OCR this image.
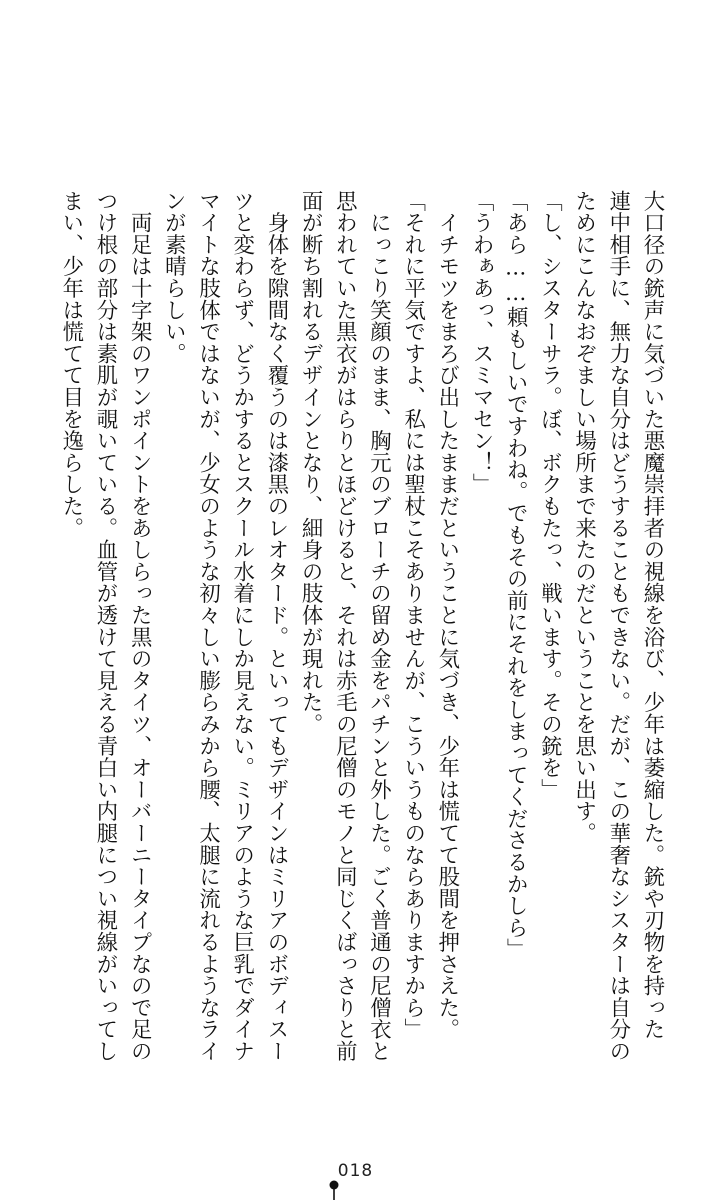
大口径の銃声に気づいた悪魔崇拝者の視線を浴び、少年は萎縮した。銃や刃物を持った
連中相手に、無力な自分はどうすることもできない。だが、この華奢なシスターは自分の
ためにこんなおぞましい場所まで来たのだということを思い出す。
「し、シスターサラ。ぼ、ボクもたっ、戦います。その銃を」
「あら……頼もしいですわね。でもその前にそれをしまってくださるかしら」
「うわぁあっ、スミマセン！」
　イチモツをまろび出したままだということに気づき、少年は慌てて股間を押さえた。
「それに平気ですよ、私には聖杖こそありませんが、こういうものならありますから」
　にっこり笑顔のまま、胸元のブローチの留め金をパチンと外した。ごく普通の尼僧衣と
思われていた黒衣がはらりとほどけると、それは赤毛の尼僧のモノと同じくばっさりと前
面が断ち割れるデザインとなり、細身の肢体が現れた。
　身体を隙間なく覆うのは漆黒のレオタード。といってもデザインはミリアのボディスー
ツと変わらず、どうかするとスクール水着にしか見えない。ミリアのような巨乳でダイナ
マイトな肢体ではないが、少女のような初々しい膨らみから腰、太腿に流れるようなライ
ンが素晴らしい。
　両足は十字架のワンポイントをあしらった黒のタイツ、オーバーニータイプなので足の
つけ根の部分は素肌が覗いている。血管が透けて見える青白い内腿につい視線がいってし
まい、少年は慌てて目を逸らした。
018
